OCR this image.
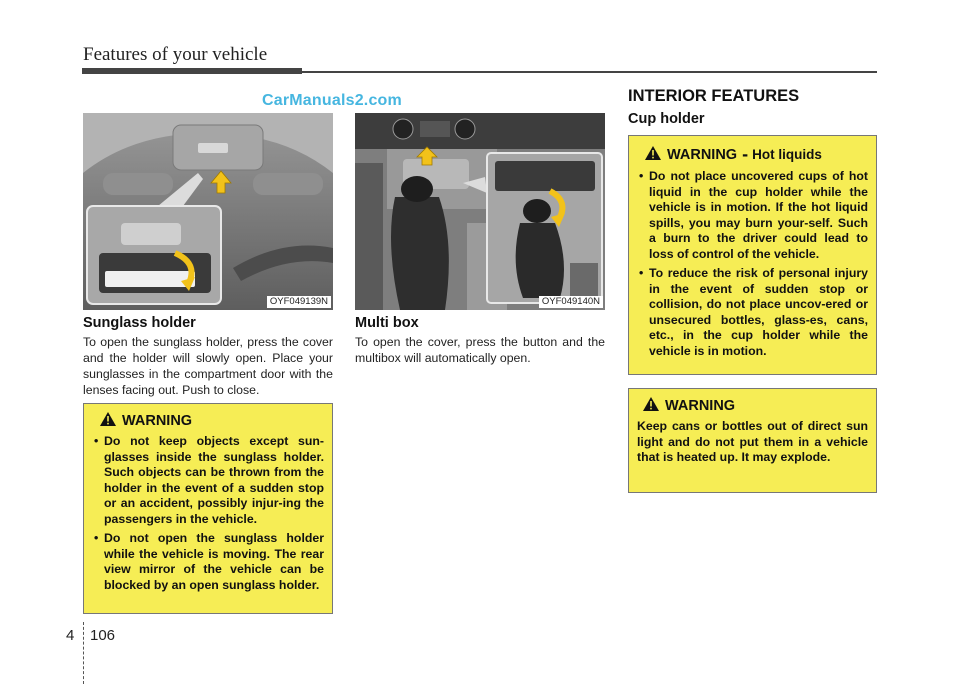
Features of your vehicle
CarManuals2.com
OYF049139N	OYF049140N
Sunglass holder
To open the sunglass holder, press the cover and the holder will slowly open. Place your sunglasses in the compartment door with the lenses facing out. Push to close.
Multi box
To open the cover, press the button and the multibox will automatically open.
INTERIOR FEATURES
Cup holder
WARNING
• Do not keep objects except sun-glasses inside the sunglass holder. Such objects can be thrown from the holder in the event of a sudden stop or an accident, possibly injur-ing the passengers in the vehicle.
• Do not open the sunglass holder while the vehicle is moving. The rear view mirror of the vehicle can be blocked by an open sunglass holder.
WARNING - Hot liquids
• Do not place uncovered cups of hot liquid in the cup holder while the vehicle is in motion. If the hot liquid spills, you may burn your-self. Such a burn to the driver could lead to loss of control of the vehicle.
• To reduce the risk of personal injury in the event of sudden stop or collision, do not place uncov-ered or unsecured bottles, glass-es, cans, etc., in the cup holder while the vehicle is in motion.
WARNING

Keep cans or bottles out of direct sun light and do not put them in a vehicle that is heated up. It may explode.

4 106
